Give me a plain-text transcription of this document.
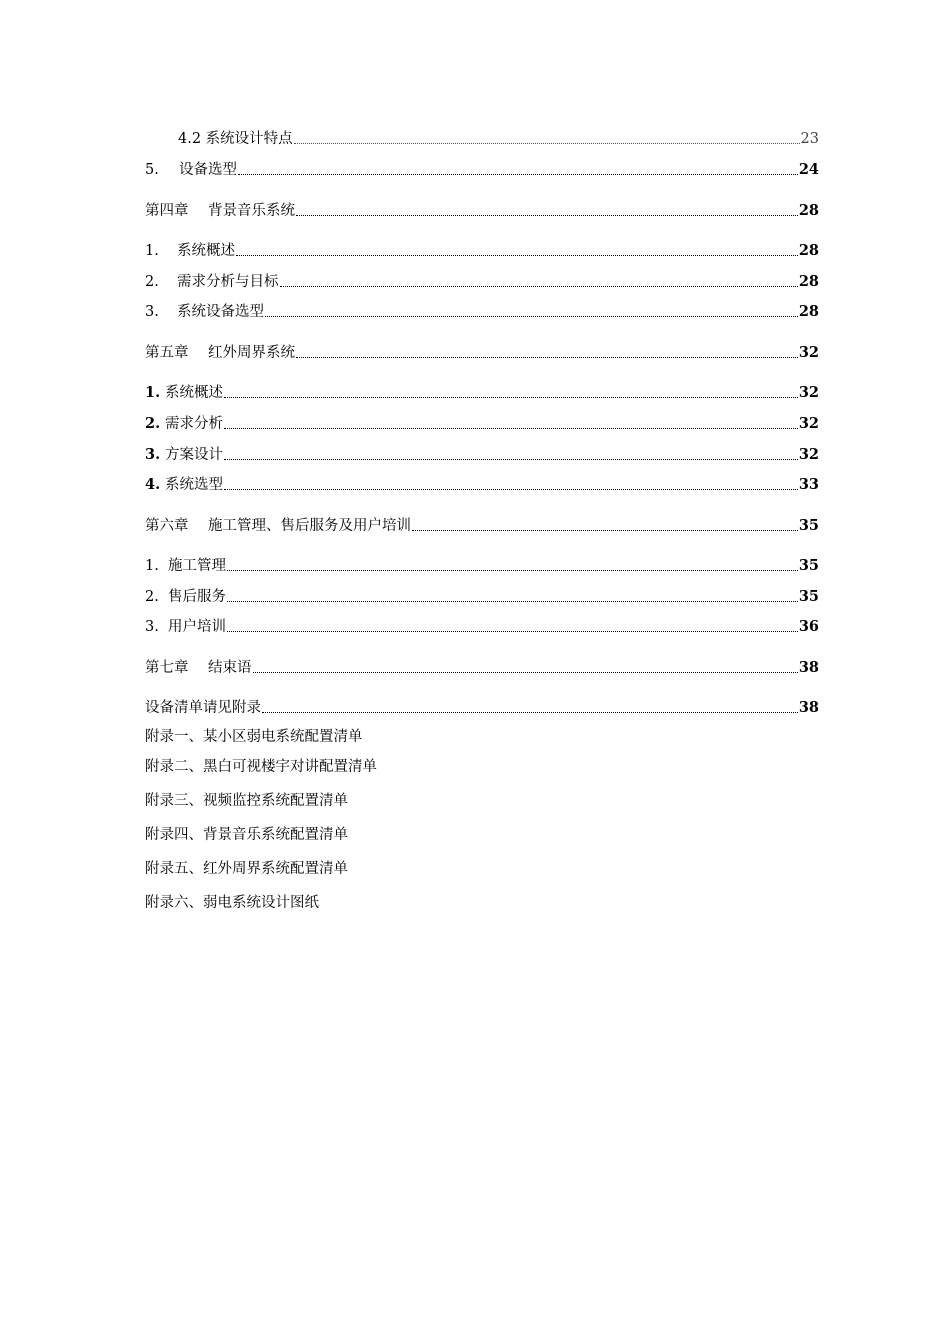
4.2 系统设计特点	23
5. 设备选型	24
第四章 背景音乐系统	28
1. 系统概述	28
2. 需求分析与目标	28
3. 系统设备选型	28
第五章 红外周界系统	32
1. 系统概述	32
2. 需求分析	32
3. 方案设计	32
4. 系统选型	33
第六章 施工管理、售后服务及用户培训	35
1. 施工管理	35
2. 售后服务	35
3. 用户培训	36
第七章 结束语	38
设备清单请见附录	38
附录一、某小区弱电系统配置清单
附录二、黑白可视楼宇对讲配置清单
附录三、视频监控系统配置清单
附录四、背景音乐系统配置清单
附录五、红外周界系统配置清单
附录六、弱电系统设计图纸
